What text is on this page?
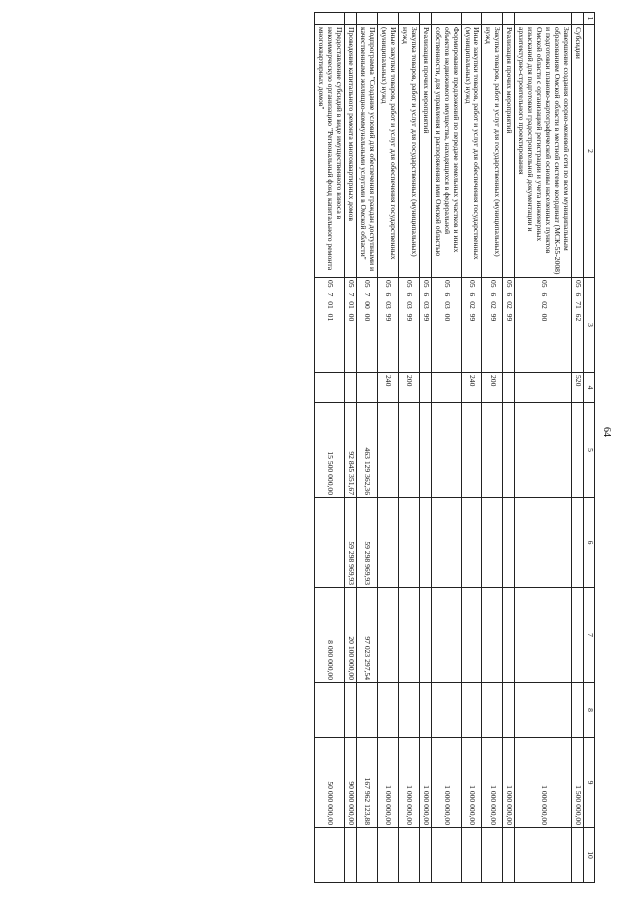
64
1	2	3	4	5	6	7	8	9	10
	Субсидии	05 6 71 62	520					1 500 000,00	
	Завершение создания опорно-межевой сети по всем муниципальным образованиям Омской области в местной системе координат (МСК-55-2008) и подготовки планово-картографической основы населенных пунктов Омской области с организацией регистрации и учета инженерных изысканий для подготовки градостроительной документации и архитектурно-строительного проектирования	05 6 02 00						1 000 000,00	
	Реализация прочих мероприятий	05 6 02 99						1 000 000,00	
	Закупка товаров, работ и услуг для государственных (муниципальных) нужд	05 6 02 99	200					1 000 000,00	
	Иные закупки товаров, работ и услуг для обеспечения государственных (муниципальных) нужд	05 6 02 99	240					1 000 000,00	
	Формирование предложений по передаче земельных участков и иных объектов недвижимого имущества, находящихся в федеральной собственности, для управления и распоряжения ими Омской областью	05 6 03 00						1 000 000,00	
	Реализация прочих мероприятий	05 6 03 99						1 000 000,00	
	Закупка товаров, работ и услуг для государственных (муниципальных) нужд	05 6 03 99	200					1 000 000,00	
	Иные закупки товаров, работ и услуг для обеспечения государственных (муниципальных) нужд	05 6 03 99	240					1 000 000,00	
	Подпрограмма "Создание условий для обеспечения граждан доступными и качественными жилищно-коммунальными услугами в Омской области"	05 7 00 00		463 129 362,36	59 298 969,93	97 023 297,54		167 962 123,88	
	Проведение капитального ремонта многоквартирных домов	05 7 01 00		92 845 351,67	59 298 969,93	20 100 000,00		90 000 000,00	
	Предоставление субсидий в виде имущественного взноса в некоммерческую организацию "Региональный фонд капитального ремонта многоквартирных домов"	05 7 01 01		15 500 000,00		8 000 000,00		50 000 000,00	
